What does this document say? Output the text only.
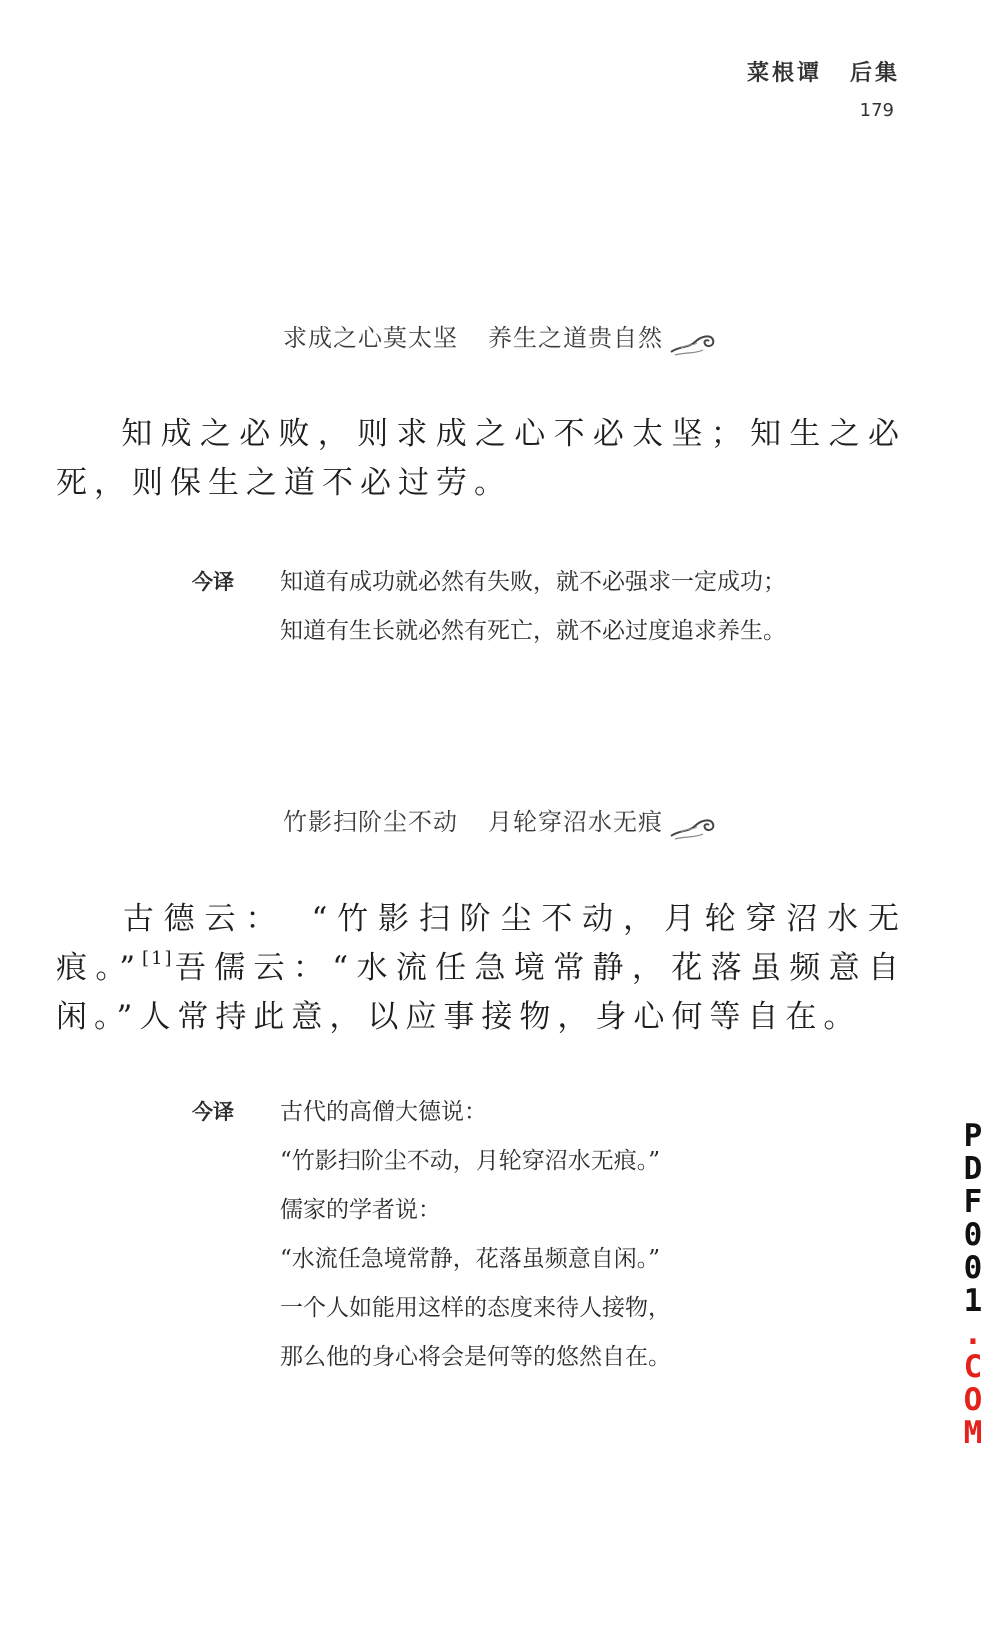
菜根谭 后集
179
求成之心莫太坚 养生之道贵自然
知成之必败，则求成之心不必太坚；知生之必死，则保生之道不必过劳。
今译 知道有成功就必然有失败，就不必强求一定成功；
知道有生长就必然有死亡，就不必过度追求养生。
竹影扫阶尘不动 月轮穿沼水无痕
古德云：　“竹影扫阶尘不动，月轮穿沼水无痕。”[1]吾儒云：“水流任急境常静，花落虽频意自闲。”人常持此意，以应事接物，身心何等自在。
今译 古代的高僧大德说：
“竹影扫阶尘不动，月轮穿沼水无痕。”
儒家的学者说：
“水流任急境常静，花落虽频意自闲。”
一个人如能用这样的态度来待人接物，
那么他的身心将会是何等的悠然自在。
PDF001.COM
